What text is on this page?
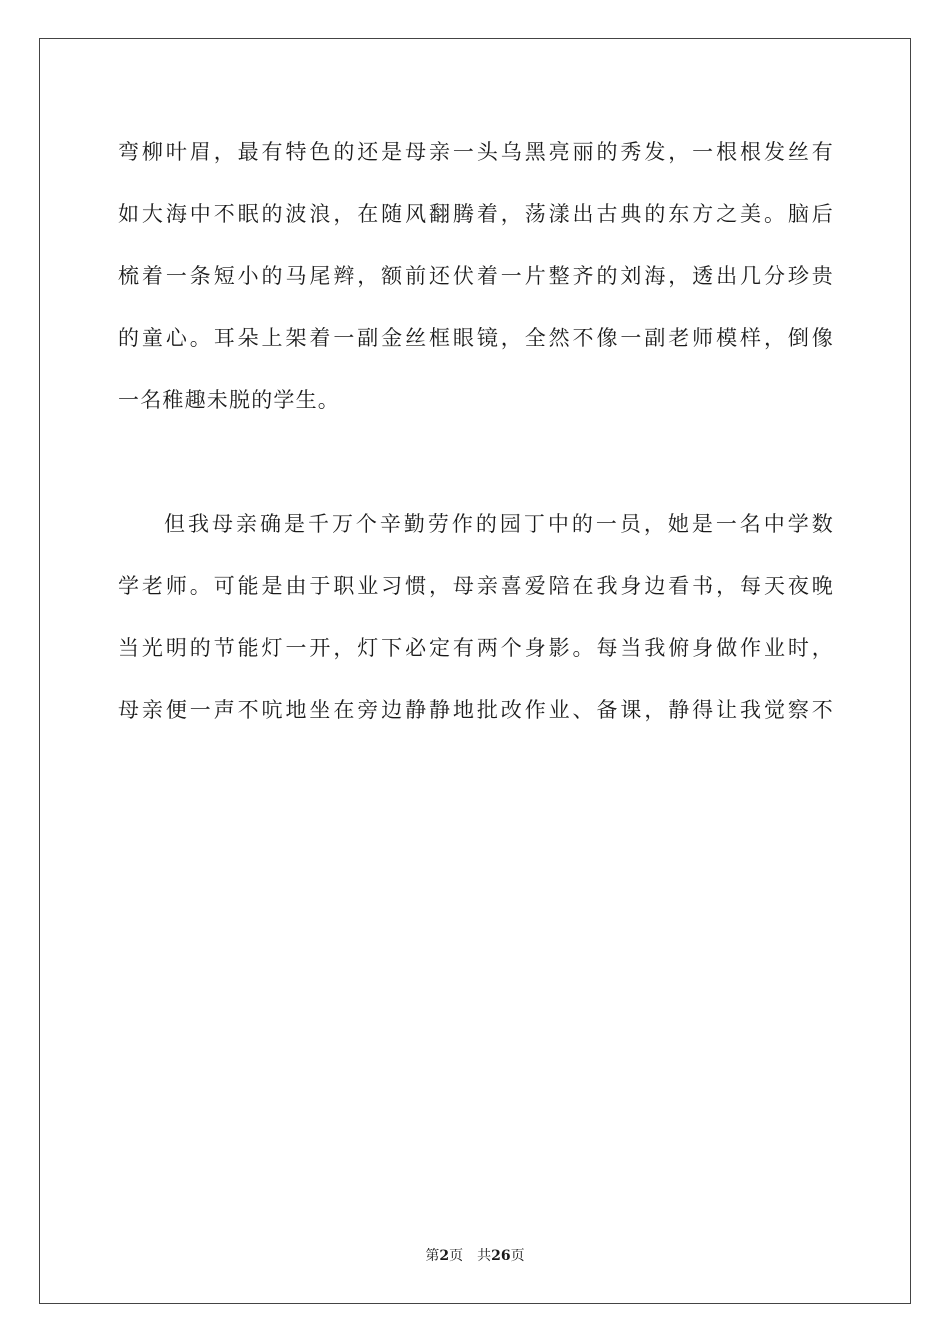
弯柳叶眉，最有特色的还是母亲一头乌黑亮丽的秀发，一根根发丝有
如大海中不眠的波浪，在随风翻腾着，荡漾出古典的东方之美。脑后
梳着一条短小的马尾辫，额前还伏着一片整齐的刘海，透出几分珍贵
的童心。耳朵上架着一副金丝框眼镜，全然不像一副老师模样，倒像
一名稚趣未脱的学生。
但我母亲确是千万个辛勤劳作的园丁中的一员，她是一名中学数
学老师。可能是由于职业习惯，母亲喜爱陪在我身边看书，每天夜晚
当光明的节能灯一开，灯下必定有两个身影。每当我俯身做作业时，
母亲便一声不吭地坐在旁边静静地批改作业、备课，静得让我觉察不
第2页 共26页
